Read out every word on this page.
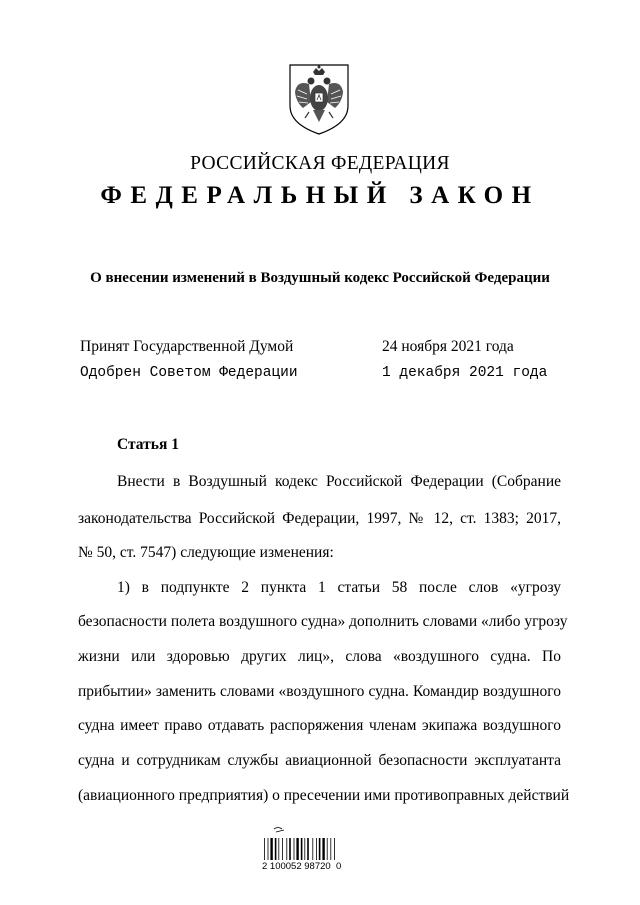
РОССИЙСКАЯ ФЕДЕРАЦИЯ
ФЕДЕРАЛЬНЫЙ ЗАКОН
О внесении изменений в Воздушный кодекс Российской Федерации
Принят Государственной Думой	24 ноября 2021 года
Одобрен Советом Федерации	1 декабря 2021 года
Статья 1
Внести в Воздушный кодекс Российской Федерации (Собрание
законодательства Российской Федерации, 1997, № 12, ст. 1383; 2017,
№ 50, ст. 7547) следующие изменения:
1) в подпункте 2 пункта 1 статьи 58 после слов «угрозу
безопасности полета воздушного судна» дополнить словами «либо угрозу
жизни или здоровью других лиц», слова «воздушного судна. По
прибытии» заменить словами «воздушного судна. Командир воздушного
судна имеет право отдавать распоряжения членам экипажа воздушного
судна и сотрудникам службы авиационной безопасности эксплуатанта
(авиационного предприятия) о пресечении ими противоправных действий
2 100052 98720  0
